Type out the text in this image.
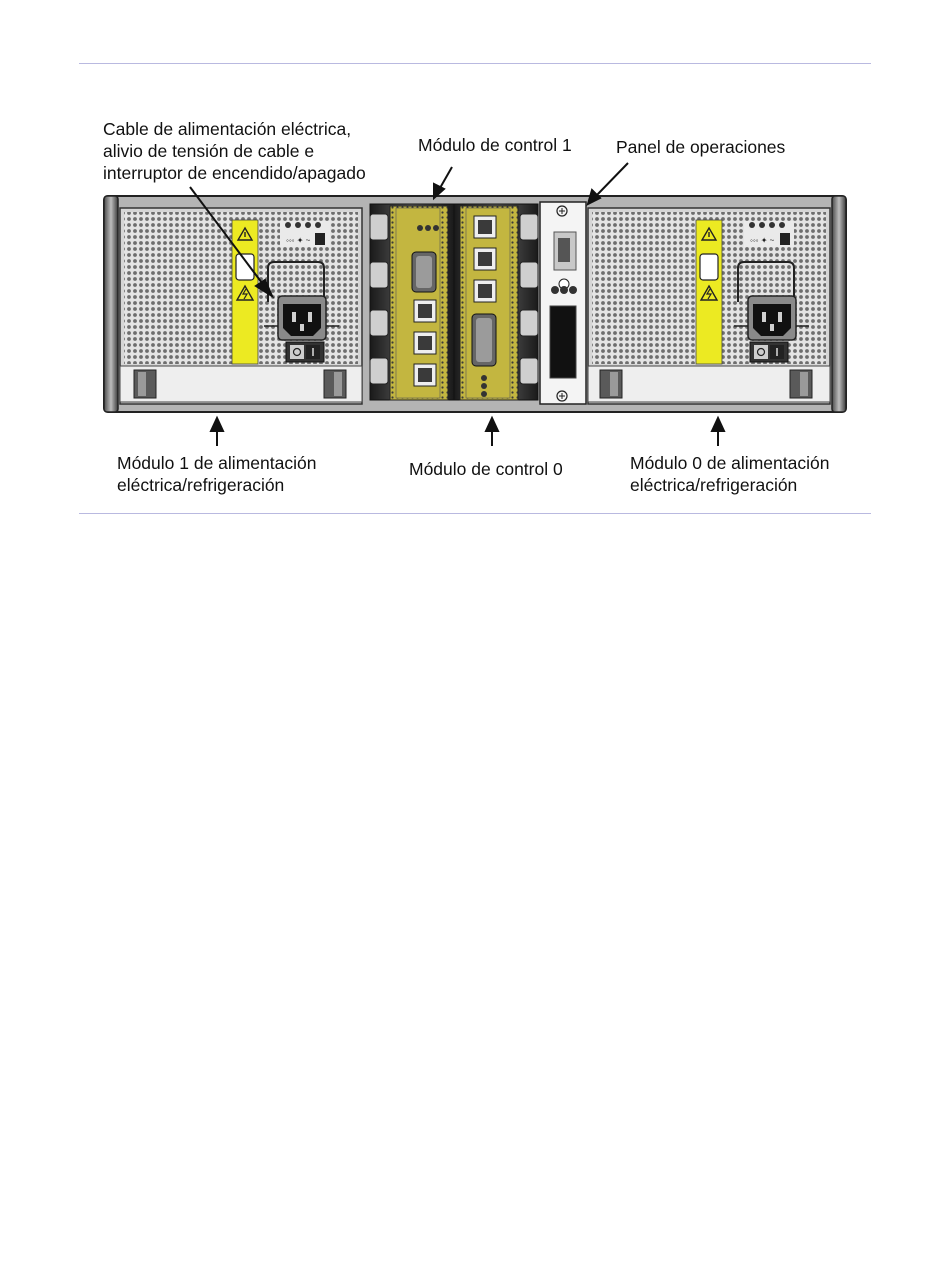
◦◦◦ ✦ ~	◦◦◦ ✦ ~
Cable de alimentación eléctrica,
alivio de tensión de cable e
interruptor de encendido/apagado
Módulo de control 1	Panel de operaciones
Módulo 1 de alimentación
eléctrica/refrigeración
Módulo de control 0	Módulo 0 de alimentación
eléctrica/refrigeración
